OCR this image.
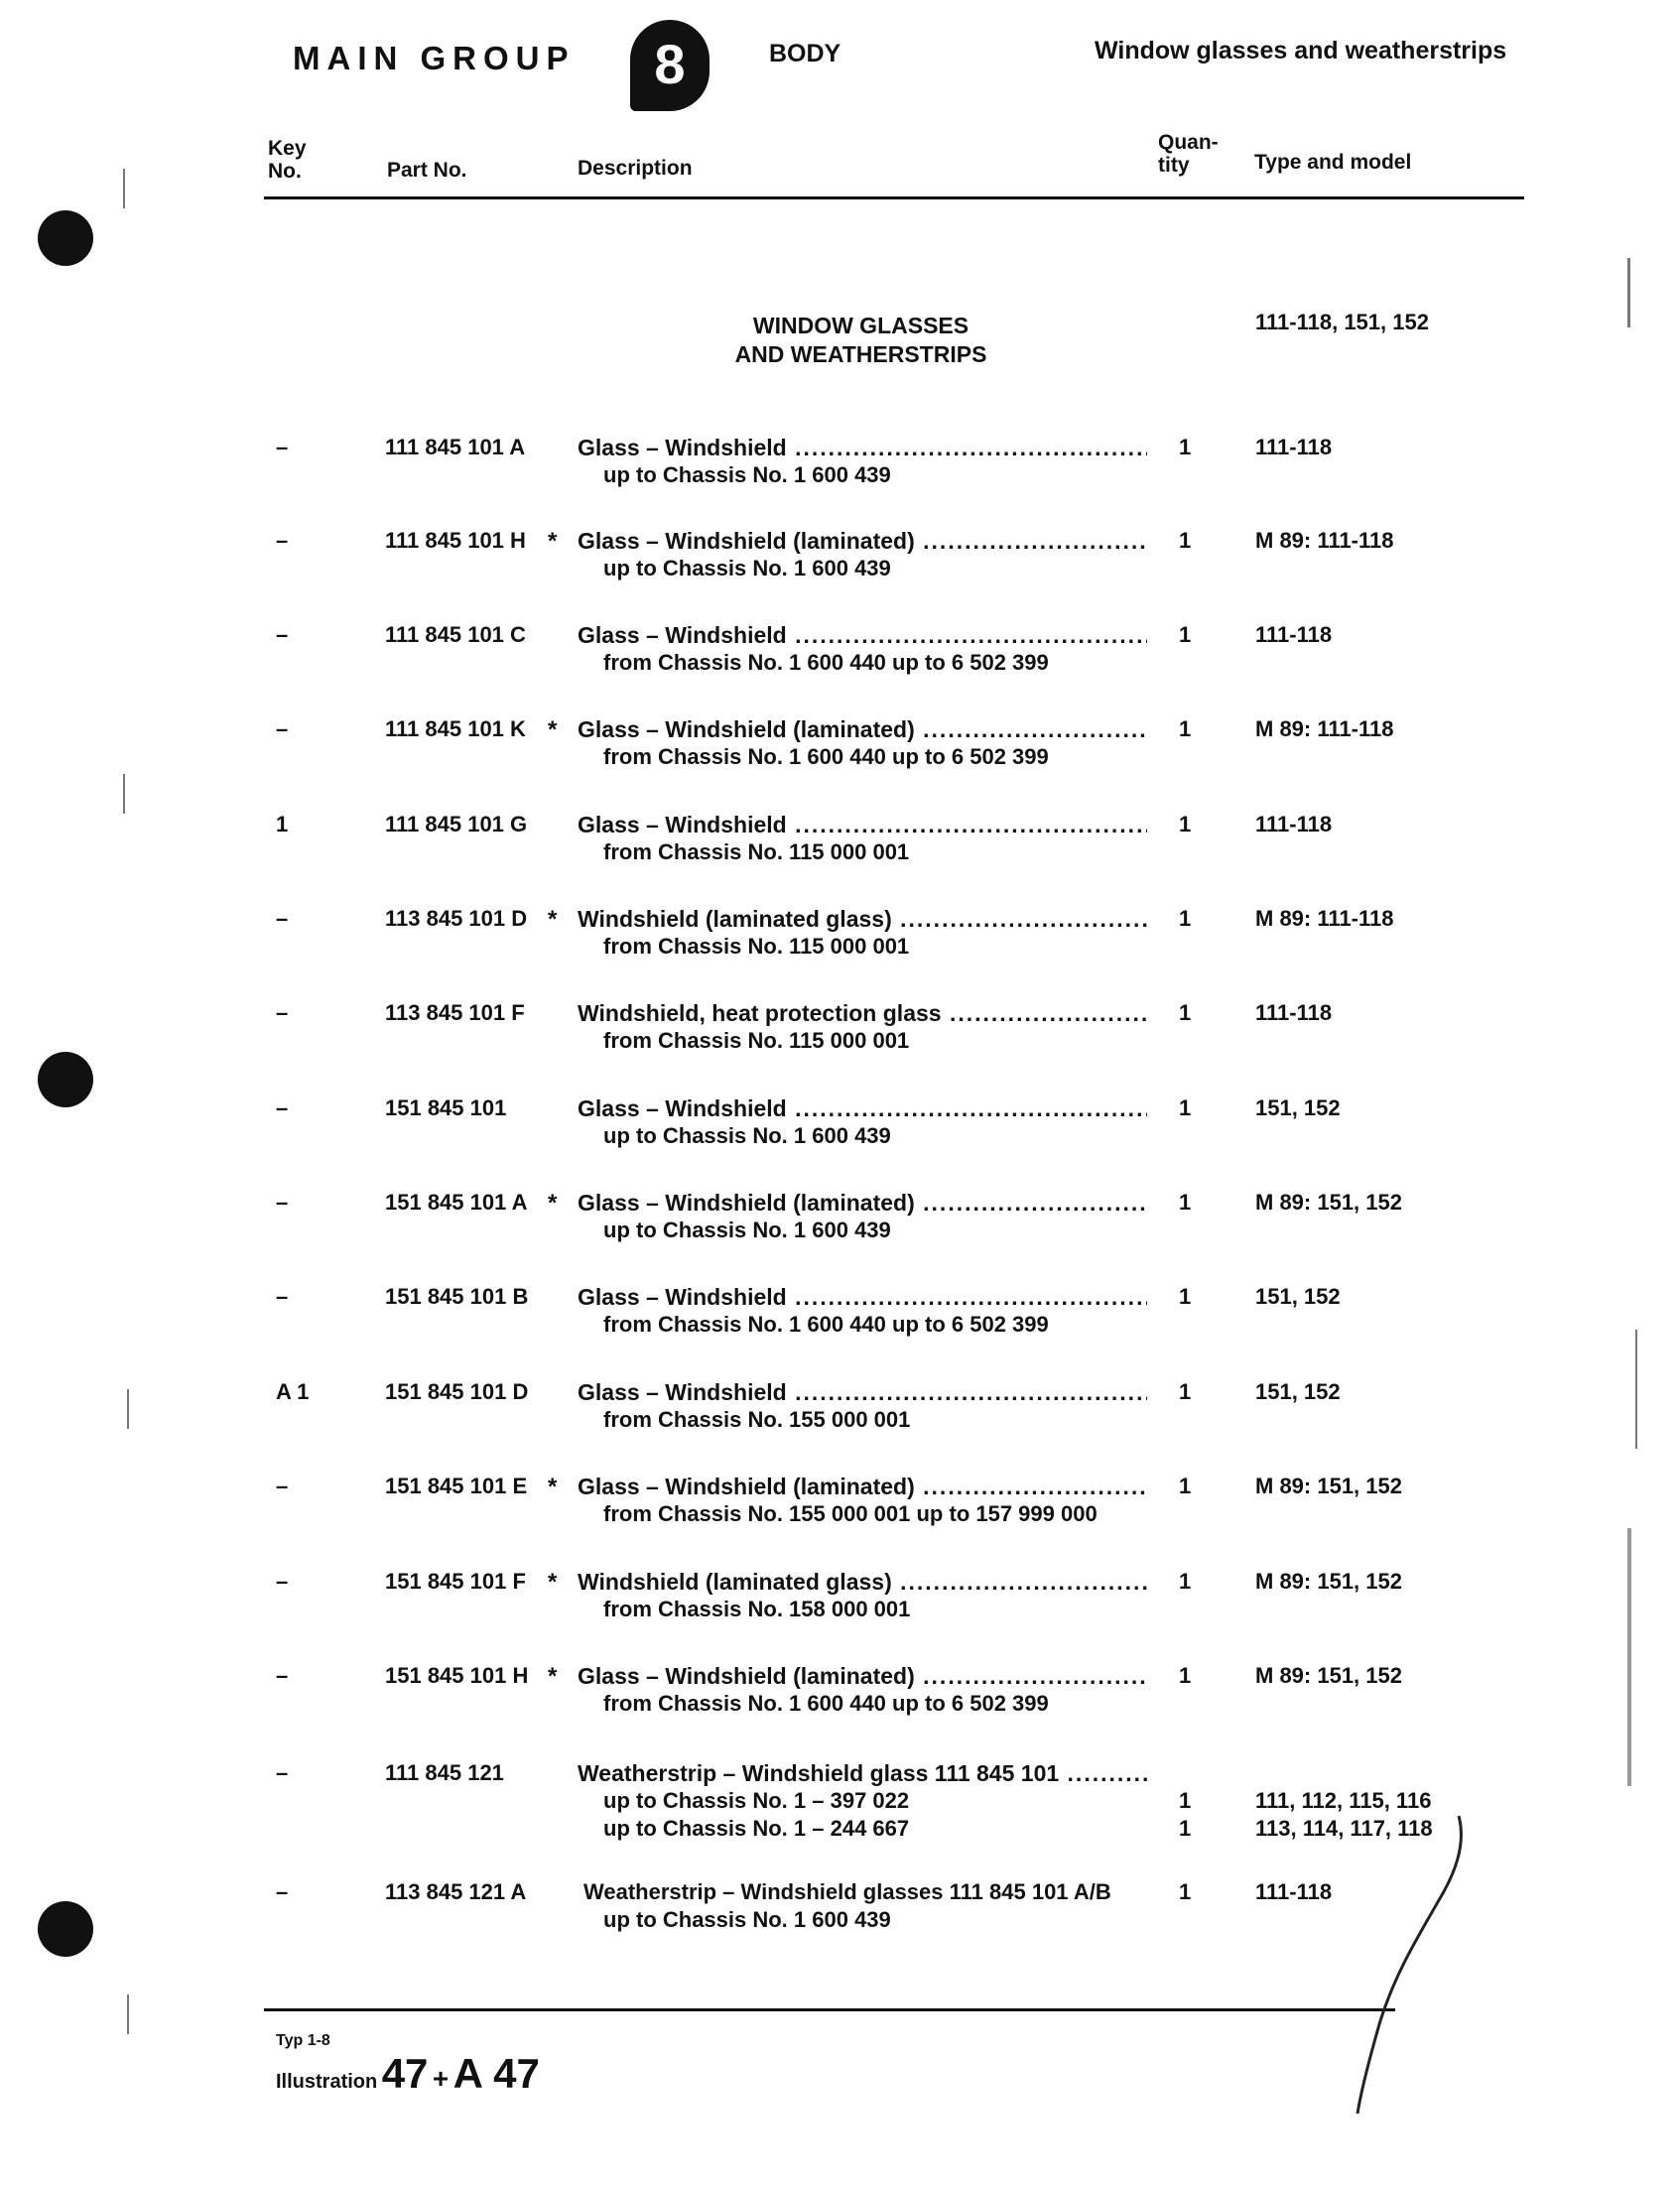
MAIN GROUP	8	BODY	Window glasses and weatherstrips
Key
No.	Part No.	Description
Quan-
tity	Type and model
WINDOW GLASSES
AND WEATHERSTRIPS
111-118, 151, 152
–	111 845 101 A Glass – Windshield .....
up to Chassis No. 1 600 439
1	111-118
–	111 845 101 H * Glass – Windshield (laminated) .....
up to Chassis No. 1 600 439
1	M 89: 111-118
–	111 845 101 C Glass – Windshield .....
from Chassis No. 1 600 440 up to 6 502 399
1	111-118
–	111 845 101 K * Glass – Windshield (laminated) .....
from Chassis No. 1 600 440 up to 6 502 399
1	M 89: 111-118
1	111 845 101 G Glass – Windshield .....
from Chassis No. 115 000 001
1	111-118
–	113 845 101 D * Windshield (laminated glass) .....
from Chassis No. 115 000 001
1	M 89: 111-118
–	113 845 101 F Windshield, heat protection glass .....
from Chassis No. 115 000 001
1	111-118
–	151 845 101	Glass – Windshield .....
up to Chassis No. 1 600 439
1	151, 152
–	151 845 101 A * Glass – Windshield (laminated) .....
up to Chassis No. 1 600 439
1	M 89: 151, 152
–	151 845 101 B Glass – Windshield .....
from Chassis No. 1 600 440 up to 6 502 399
1	151, 152
A 1	151 845 101 D Glass – Windshield .....
from Chassis No. 155 000 001
1	151, 152
–	151 845 101 E * Glass – Windshield (laminated) .....
from Chassis No. 155 000 001 up to 157 999 000
1	M 89: 151, 152
–	151 845 101 F * Windshield (laminated glass) .....
from Chassis No. 158 000 001
1	M 89: 151, 152
–	151 845 101 H * Glass – Windshield (laminated) .....
from Chassis No. 1 600 440 up to 6 502 399
1	M 89: 151, 152
–	111 845 121	Weatherstrip – Windshield glass 111 845 101 .....
up to Chassis No. 1 – 397 022	1	111, 112, 115, 116
up to Chassis No. 1 – 244 667	1	113, 114, 117, 118
–	113 845 121 A	Weatherstrip – Windshield glasses 111 845 101 A/B
up to Chassis No. 1 600 439
1	111-118
Typ 1-8
Illustration 47 + A 47
